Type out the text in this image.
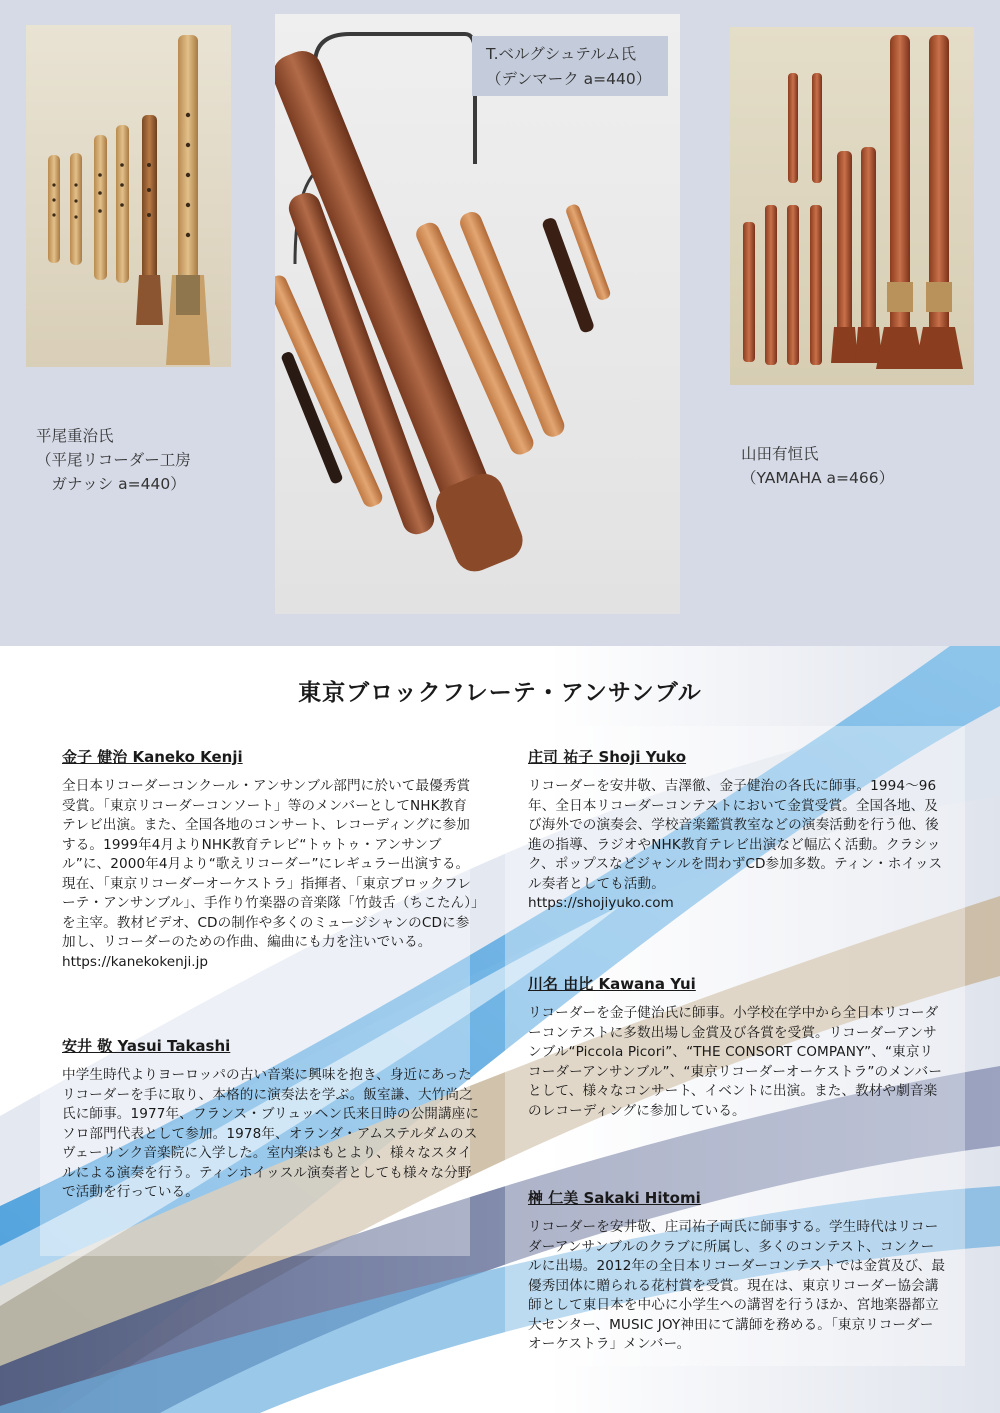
平尾重治氏
（平尾リコーダー工房
　ガナッシ a=440）
T.ベルグシュテルム氏
（デンマーク a=440）
山田有恒氏
（YAMAHA a=466）
東京ブロックフレーテ・アンサンブル
金子 健治 Kaneko Kenji
全日本リコーダーコンクール・アンサンブル部門に於いて最優秀賞受賞。「東京リコーダーコンソート」等のメンバーとしてNHK教育テレビ出演。また、全国各地のコンサート、レコーディングに参加する。1999年4月よりNHK教育テレビ“トゥトゥ・アンサンブル”に、2000年4月より“歌えリコーダー”にレギュラー出演する。現在、「東京リコーダーオーケストラ」指揮者、「東京ブロックフレーテ・アンサンブル」、手作り竹楽器の音楽隊「竹鼓舌（ちこたん）」を主宰。教材ビデオ、CDの制作や多くのミュージシャンのCDに参加し、リコーダーのための作曲、編曲にも力を注いでいる。
https://kanekokenji.jp
安井 敬 Yasui Takashi
中学生時代よりヨーロッパの古い音楽に興味を抱き、身近にあったリコーダーを手に取り、本格的に演奏法を学ぶ。飯室謙、大竹尚之氏に師事。1977年、フランス・ブリュッヘン氏来日時の公開講座にソロ部門代表として参加。1978年、オランダ・アムステルダムのスヴェーリンク音楽院に入学した。室内楽はもとより、様々なスタイルによる演奏を行う。ティンホイッスル演奏者としても様々な分野で活動を行っている。
庄司 祐子 Shoji Yuko
リコーダーを安井敬、吉澤徹、金子健治の各氏に師事。1994～96年、全日本リコーダーコンテストにおいて金賞受賞。全国各地、及び海外での演奏会、学校音楽鑑賞教室などの演奏活動を行う他、後進の指導、ラジオやNHK教育テレビ出演など幅広く活動。クラシック、ポップスなどジャンルを問わずCD参加多数。ティン・ホイッスル奏者としても活動。
https://shojiyuko.com
川名 由比 Kawana Yui
リコーダーを金子健治氏に師事。小学校在学中から全日本リコーダーコンテストに多数出場し金賞及び各賞を受賞。リコーダーアンサンブル“Piccola Picori”、“THE CONSORT COMPANY”、“東京リコーダーアンサンブル”、“東京リコーダーオーケストラ”のメンバーとして、様々なコンサート、イベントに出演。また、教材や劇音楽のレコーディングに参加している。
榊 仁美 Sakaki Hitomi
リコーダーを安井敬、庄司祐子両氏に師事する。学生時代はリコーダーアンサンブルのクラブに所属し、多くのコンテスト、コンクールに出場。2012年の全日本リコーダーコンテストでは金賞及び、最優秀団体に贈られる花村賞を受賞。現在は、東京リコーダー協会講師として東日本を中心に小学生への講習を行うほか、宮地楽器都立大センター、MUSIC JOY神田にて講師を務める。「東京リコーダーオーケストラ」メンバー。
